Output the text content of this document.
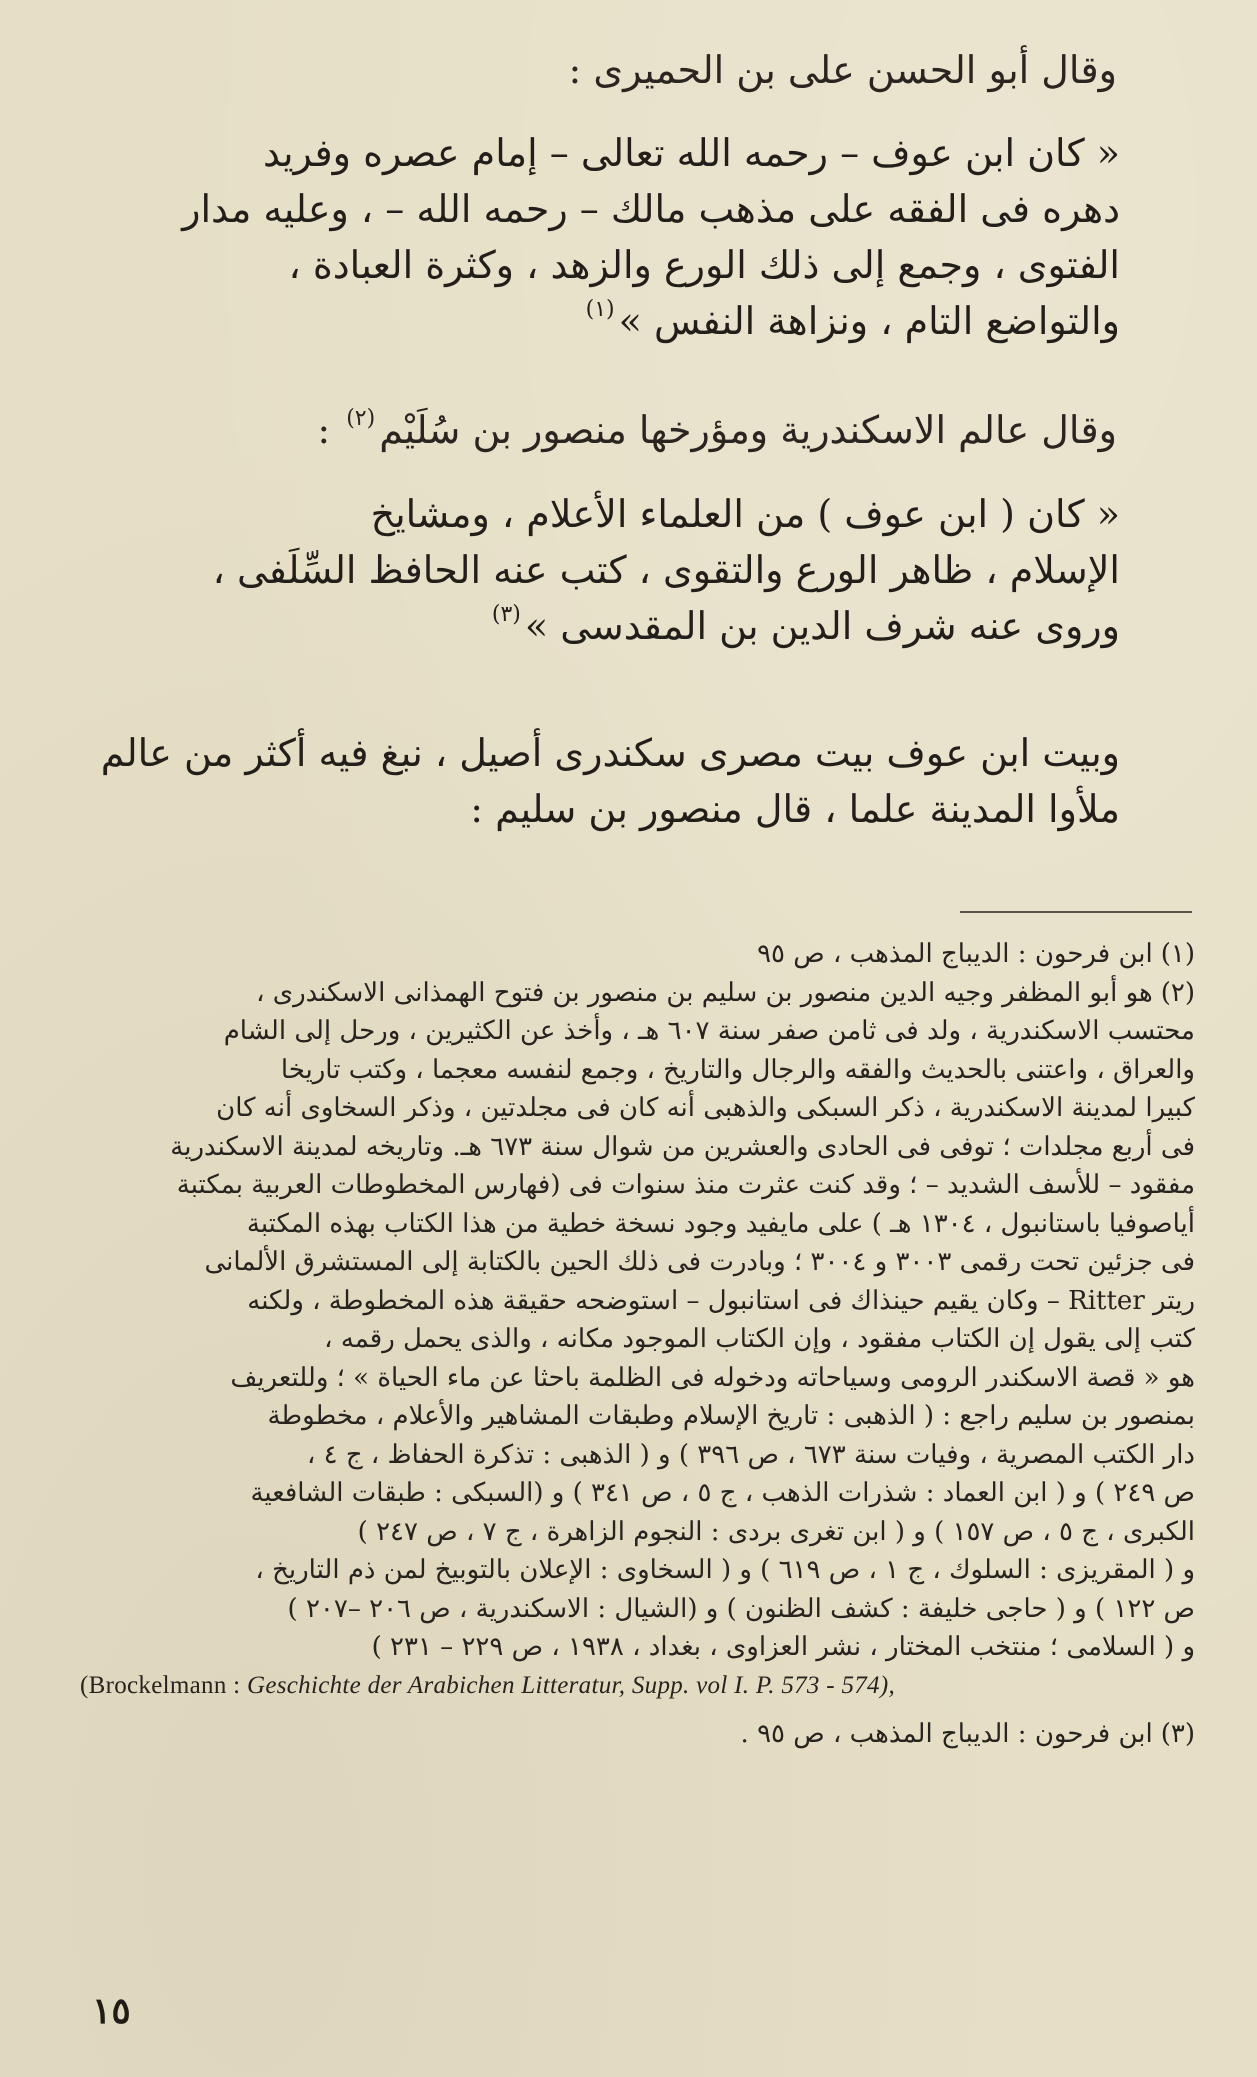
وقال أبو الحسن على بن الحميرى :
« كان ابن عوف – رحمه الله تعالى – إمام عصره وفريد
دهره فى الفقه على مذهب مالك – رحمه الله – ، وعليه مدار
الفتوى ، وجمع إلى ذلك الورع والزهد ، وكثرة العبادة ،
والتواضع التام ، ونزاهة النفس »$^{(١)}$
وقال عالم الاسكندرية ومؤرخها منصور بن سُلَيْم$^{(٢)}$ :
« كان ( ابن عوف ) من العلماء الأعلام ، ومشايخ
الإسلام ، ظاهر الورع والتقوى ، كتب عنه الحافظ السِّلَفى ،
وروى عنه شرف الدين بن المقدسى »$^{(٣)}$
وبيت ابن عوف بيت مصرى سكندرى أصيل ، نبغ فيه أكثر من عالم
ملأوا المدينة علما ، قال منصور بن سليم :
(١)ابن فرحون : الديباج المذهب ، ص ٩٥
(٢)هو أبو المظفر وجيه الدين منصور بن سليم بن منصور بن فتوح الهمذانى الاسكندرى ،
محتسب الاسكندرية ، ولد فى ثامن صفر سنة ٦٠٧ هـ ، وأخذ عن الكثيرين ، ورحل إلى الشام
والعراق ، واعتنى بالحديث والفقه والرجال والتاريخ ، وجمع لنفسه معجما ، وكتب تاريخا
كبيرا لمدينة الاسكندرية ، ذكر السبكى والذهبى أنه كان فى مجلدتين ، وذكر السخاوى أنه كان
فى أربع مجلدات ؛ توفى فى الحادى والعشرين من شوال سنة ٦٧٣ هـ. وتاريخه لمدينة الاسكندرية
مفقود – للأسف الشديد – ؛ وقد كنت عثرت منذ سنوات فى (فهارس المخطوطات العربية بمكتبة
أياصوفيا باستانبول ، ١٣٠٤ هـ ) على مايفيد وجود نسخة خطية من هذا الكتاب بهذه المكتبة
فى جزئين تحت رقمى ٣٠٠٣ و ٣٠٠٤ ؛ وبادرت فى ذلك الحين بالكتابة إلى المستشرق الألمانى
ريتر Ritter – وكان يقيم حينذاك فى استانبول – استوضحه حقيقة هذه المخطوطة ، ولكنه
كتب إلى يقول إن الكتاب مفقود ، وإن الكتاب الموجود مكانه ، والذى يحمل رقمه ،
هو « قصة الاسكندر الرومى وسياحاته ودخوله فى الظلمة باحثا عن ماء الحياة » ؛ وللتعريف
بمنصور بن سليم راجع : ( الذهبى : تاريخ الإسلام وطبقات المشاهير والأعلام ، مخطوطة
دار الكتب المصرية ، وفيات سنة ٦٧٣ ، ص ٣٩٦ ) و ( الذهبى : تذكرة الحفاظ ، ج ٤ ،
ص ٢٤٩ ) و ( ابن العماد : شذرات الذهب ، ج ٥ ، ص ٣٤١ ) و (السبكى : طبقات الشافعية
الكبرى ، ج ٥ ، ص ١٥٧ ) و ( ابن تغرى بردى : النجوم الزاهرة ، ج ٧ ، ص ٢٤٧ )
و ( المقريزى : السلوك ، ج ١ ، ص ٦١٩ ) و ( السخاوى : الإعلان بالتوبيخ لمن ذم التاريخ ،
ص ١٢٢ ) و ( حاجى خليفة : كشف الظنون ) و (الشيال : الاسكندرية ، ص ٢٠٦ –٢٠٧ )
و ( السلامى ؛ منتخب المختار ، نشر العزاوى ، بغداد ، ١٩٣٨ ، ص ٢٢٩ – ٢٣١ )
(Brockelmann : Geschichte der Arabichen Litteratur, Supp. vol I. P. 573 - 574),
(٣)ابن فرحون : الديباج المذهب ، ص ٩٥ .
١٥
